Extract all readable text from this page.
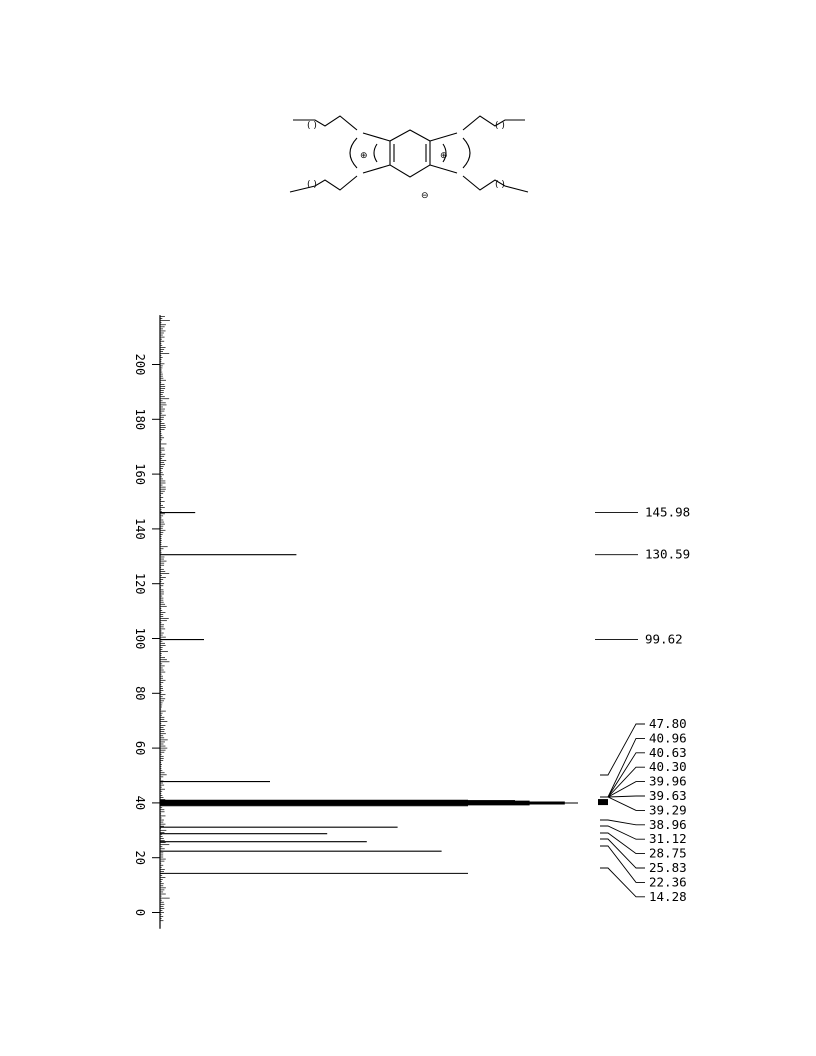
⊕	⊕
⊖
( )
( )
( )
( )
0
20
40
60
80
100
120
140
160
180
200
145.98
130.59
99.62
47.80
40.96
40.63
40.30
39.96
39.63
39.29
38.96
31.12
28.75
25.83
22.36
14.28
